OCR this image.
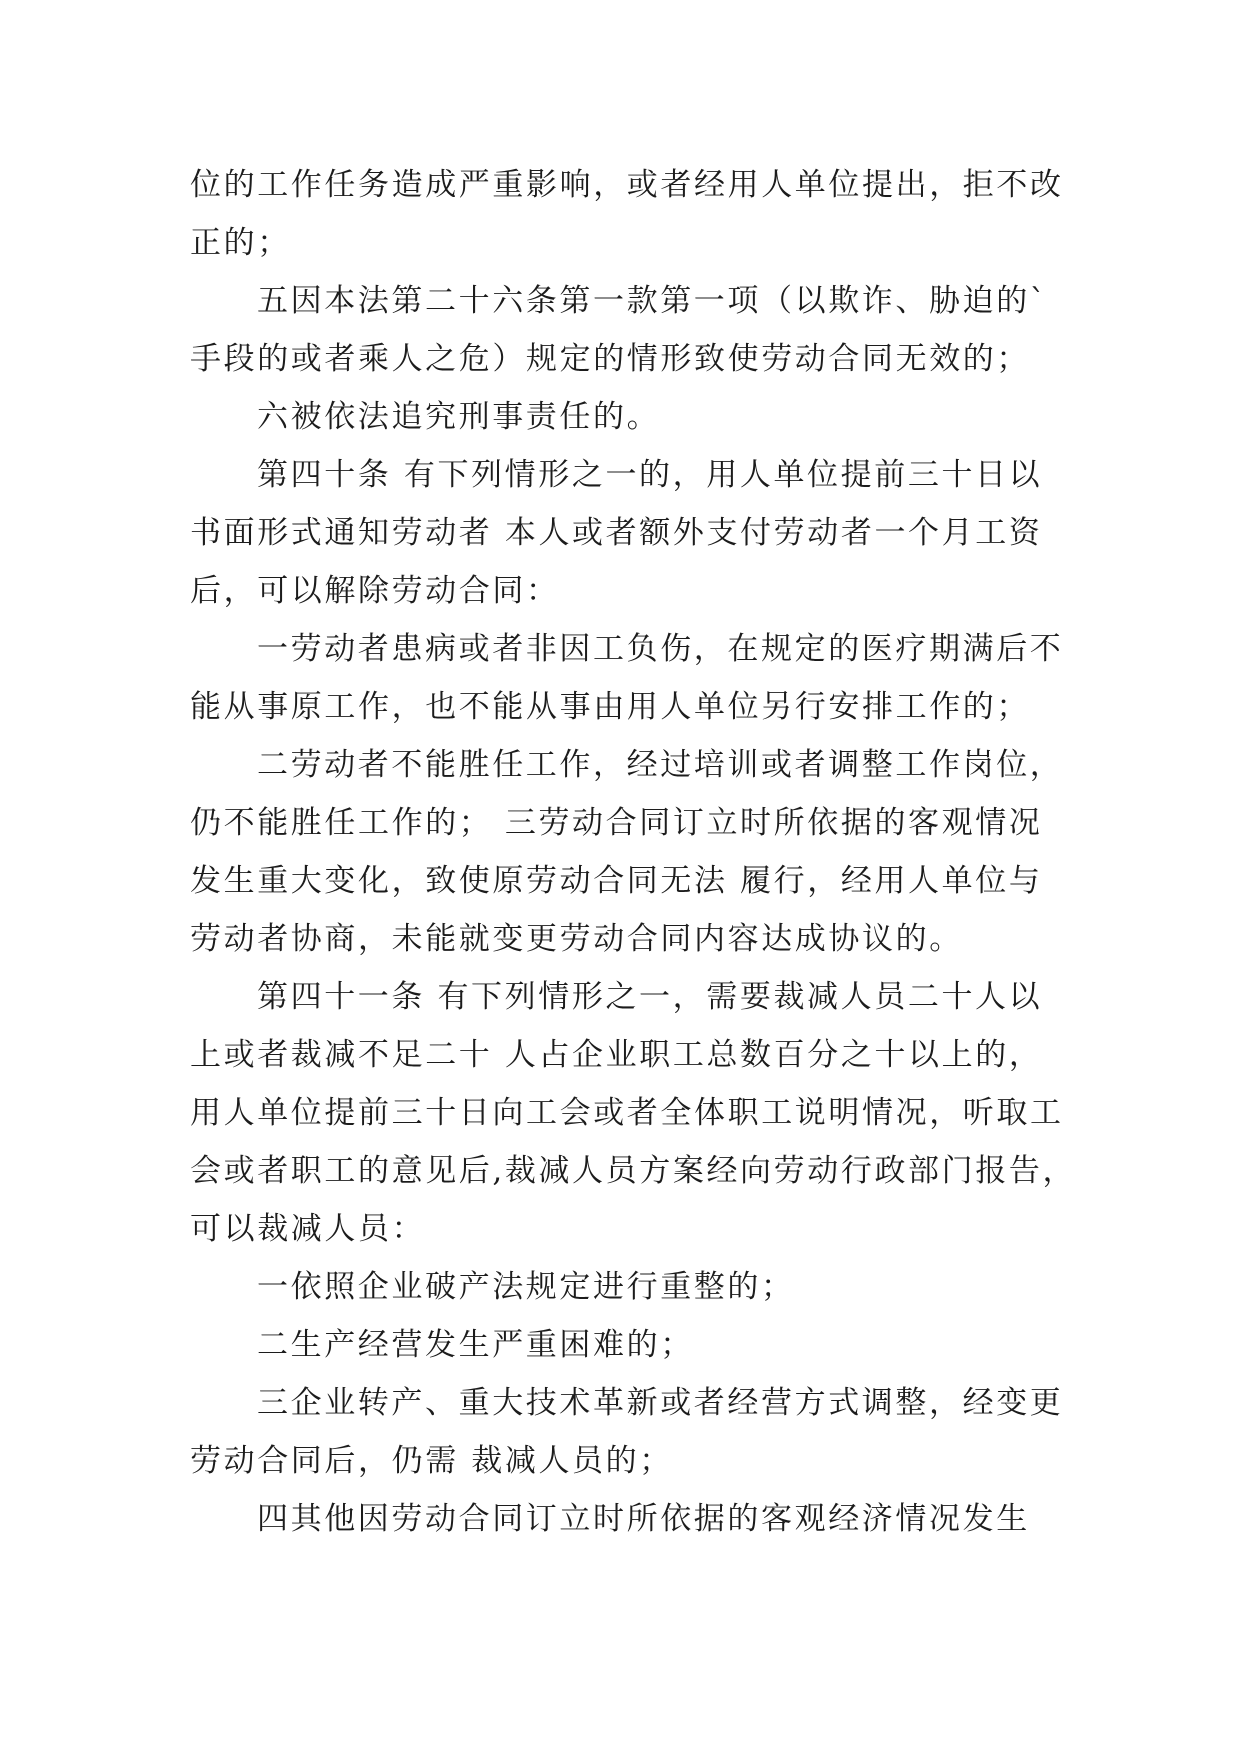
位的工作任务造成严重影响，或者经用人单位提出，拒不改
正的；
五因本法第二十六条第一款第一项（以欺诈、胁迫的`
手段的或者乘人之危）规定的情形致使劳动合同无效的；
六被依法追究刑事责任的。
第四十条 有下列情形之一的，用人单位提前三十日以
书面形式通知劳动者 本人或者额外支付劳动者一个月工资
后，可以解除劳动合同：
一劳动者患病或者非因工负伤，在规定的医疗期满后不
能从事原工作，也不能从事由用人单位另行安排工作的；
二劳动者不能胜任工作，经过培训或者调整工作岗位，
仍不能胜任工作的； 三劳动合同订立时所依据的客观情况
发生重大变化，致使原劳动合同无法 履行，经用人单位与
劳动者协商，未能就变更劳动合同内容达成协议的。
第四十一条 有下列情形之一，需要裁减人员二十人以
上或者裁减不足二十 人占企业职工总数百分之十以上的，
用人单位提前三十日向工会或者全体职工说明情况，听取工
会或者职工的意见后,裁减人员方案经向劳动行政部门报告，
可以裁减人员：
一依照企业破产法规定进行重整的；
二生产经营发生严重困难的；
三企业转产、重大技术革新或者经营方式调整，经变更
劳动合同后，仍需 裁减人员的；
四其他因劳动合同订立时所依据的客观经济情况发生
